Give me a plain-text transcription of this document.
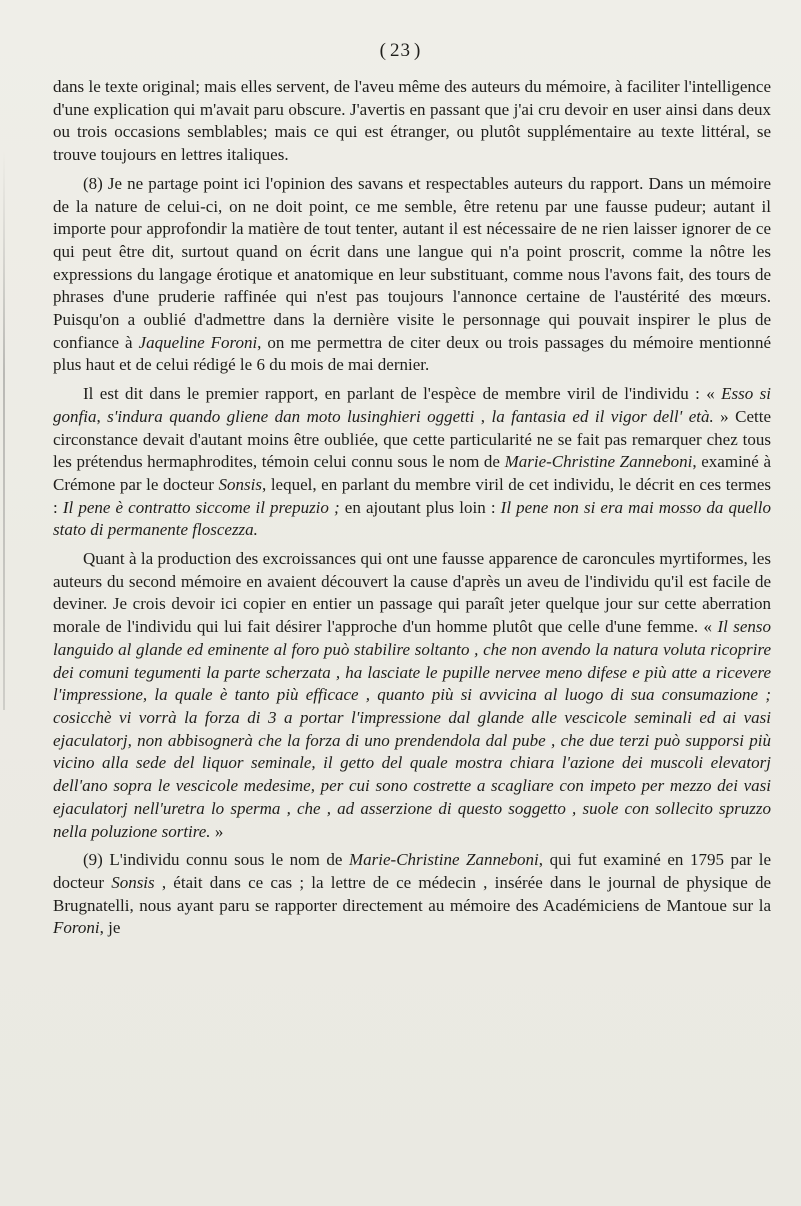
( 23 )

dans le texte original; mais elles servent, de l'aveu même des auteurs du mémoire, à faciliter l'intelligence d'une explication qui m'avait paru obscure. J'avertis en passant que j'ai cru devoir en user ainsi dans deux ou trois occasions semblables; mais ce qui est étranger, ou plutôt supplémentaire au texte littéral, se trouve toujours en lettres italiques.

(8) Je ne partage point ici l'opinion des savans et respectables auteurs du rapport. Dans un mémoire de la nature de celui-ci, on ne doit point, ce me semble, être retenu par une fausse pudeur; autant il importe pour approfondir la matière de tout tenter, autant il est nécessaire de ne rien laisser ignorer de ce qui peut être dit, surtout quand on écrit dans une langue qui n'a point proscrit, comme la nôtre les expressions du langage érotique et anatomique en leur substituant, comme nous l'avons fait, des tours de phrases d'une pruderie raffinée qui n'est pas toujours l'annonce certaine de l'austérité des mœurs. Puisqu'on a oublié d'admettre dans la dernière visite le personnage qui pouvait inspirer le plus de confiance à Jaqueline Foroni, on me permettra de citer deux ou trois passages du mémoire mentionné plus haut et de celui rédigé le 6 du mois de mai dernier.

Il est dit dans le premier rapport, en parlant de l'espèce de membre viril de l'individu : « Esso si gonfia, s'indura quando gliene dan moto lusinghieri oggetti , la fantasia ed il vigor dell' età. » Cette circonstance devait d'autant moins être oubliée, que cette particularité ne se fait pas remarquer chez tous les prétendus hermaphrodites, témoin celui connu sous le nom de Marie-Christine Zanneboni, examiné à Crémone par le docteur Sonsis, lequel, en parlant du membre viril de cet individu, le décrit en ces termes : Il pene è contratto siccome il prepuzio ; en ajoutant plus loin : Il pene non si era mai mosso da quello stato di permanente floscezza.

Quant à la production des excroissances qui ont une fausse apparence de caroncules myrtiformes, les auteurs du second mémoire en avaient découvert la cause d'après un aveu de l'individu qu'il est facile de deviner. Je crois devoir ici copier en entier un passage qui paraît jeter quelque jour sur cette aberration morale de l'individu qui lui fait désirer l'approche d'un homme plutôt que celle d'une femme. « Il senso languido al glande ed eminente al foro può stabilire soltanto , che non avendo la natura voluta ricoprire dei comuni tegumenti la parte scherzata , ha lasciate le pupille nervee meno difese e più atte a ricevere l'impressione, la quale è tanto più efficace , quanto più si avvicina al luogo di sua consumazione ; cosicchè vi vorrà la forza di 3 a portar l'impressione dal glande alle vescicole seminali ed ai vasi ejaculatorj, non abbisognerà che la forza di uno prendendola dal pube , che due terzi può supporsi più vicino alla sede del liquor seminale, il getto del quale mostra chiara l'azione dei muscoli elevatorj dell'ano sopra le vescicole medesime, per cui sono costrette a scagliare con impeto per mezzo dei vasi ejaculatorj nell'uretra lo sperma , che , ad asserzione di questo soggetto , suole con sollecito spruzzo nella poluzione sortire. »

(9) L'individu connu sous le nom de Marie-Christine Zanneboni, qui fut examiné en 1795 par le docteur Sonsis , était dans ce cas ; la lettre de ce médecin , insérée dans le journal de physique de Brugnatelli, nous ayant paru se rapporter directement au mémoire des Académiciens de Mantoue sur la Foroni, je
